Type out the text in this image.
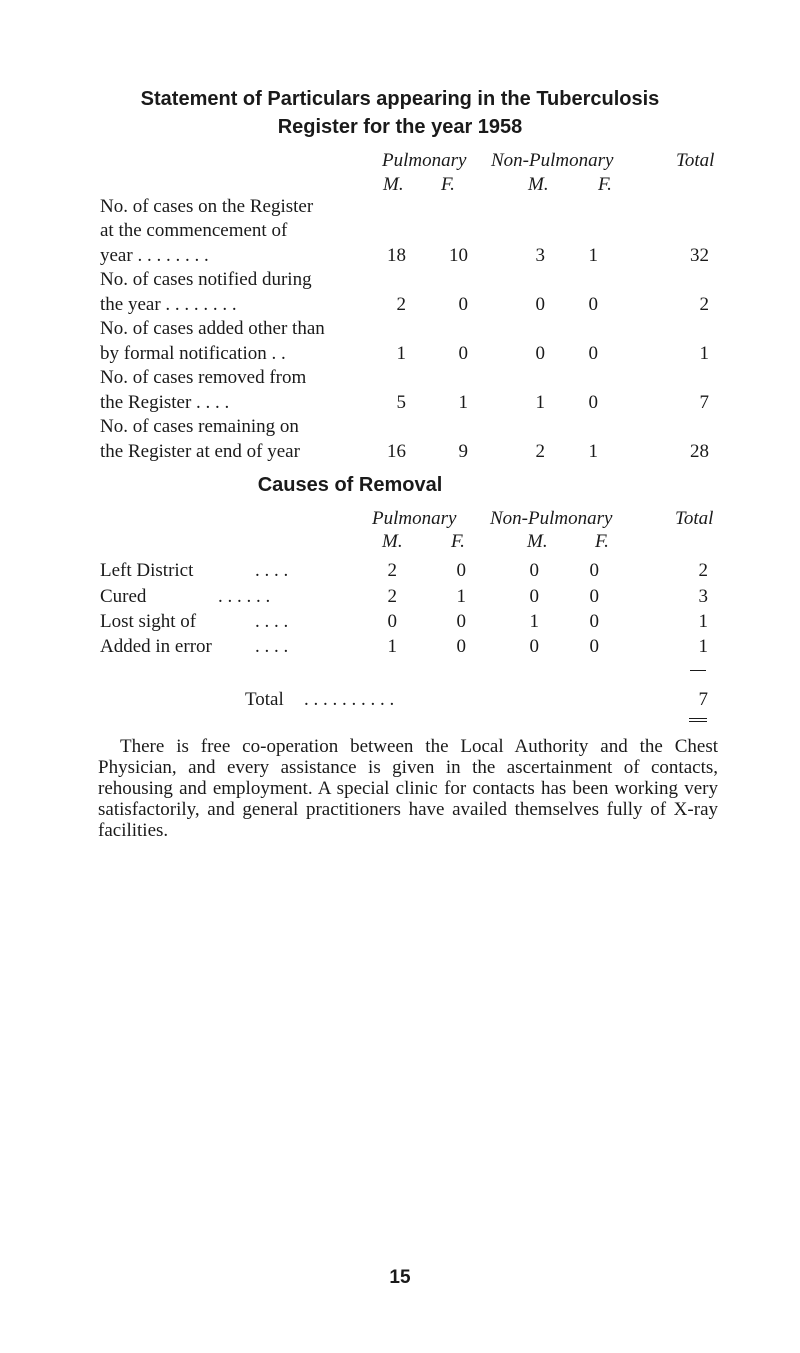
Statement of Particulars appearing in the Tuberculosis
Register for the year 1958
Pulmonary Non-Pulmonary	Total
M. F.	M.	F.
No. of cases on the Register
at the commencement of
year . . . . . . . .	18	10	3	1	32
No. of cases notified during
the year . . . . . . . .	2	0	0	0	2
No. of cases added other than
by formal notification . .	1	0	0	0	1
No. of cases removed from
the Register . . . .	5	1	1	0	7
No. of cases remaining on
the Register at end of year	16	9	2	1	28
Causes of Removal
Pulmonary Non-Pulmonary	Total
M.	F.	M. F.
Left District	. . . .	2	0	0	0	2
Cured	. . . . . .	2	1	0	0	3
Lost sight of	. . . .	0	0	1	0	1
Added in error . . . .	1	0	0	0	1
Total . . . . . . . . . .	7
There is free co-operation between the Local Authority and the Chest Physician, and every assistance is given in the ascertainment of contacts, rehousing and employment. A special clinic for contacts has been working very satisfactorily, and general practitioners have availed themselves fully of X-ray facilities.
15
